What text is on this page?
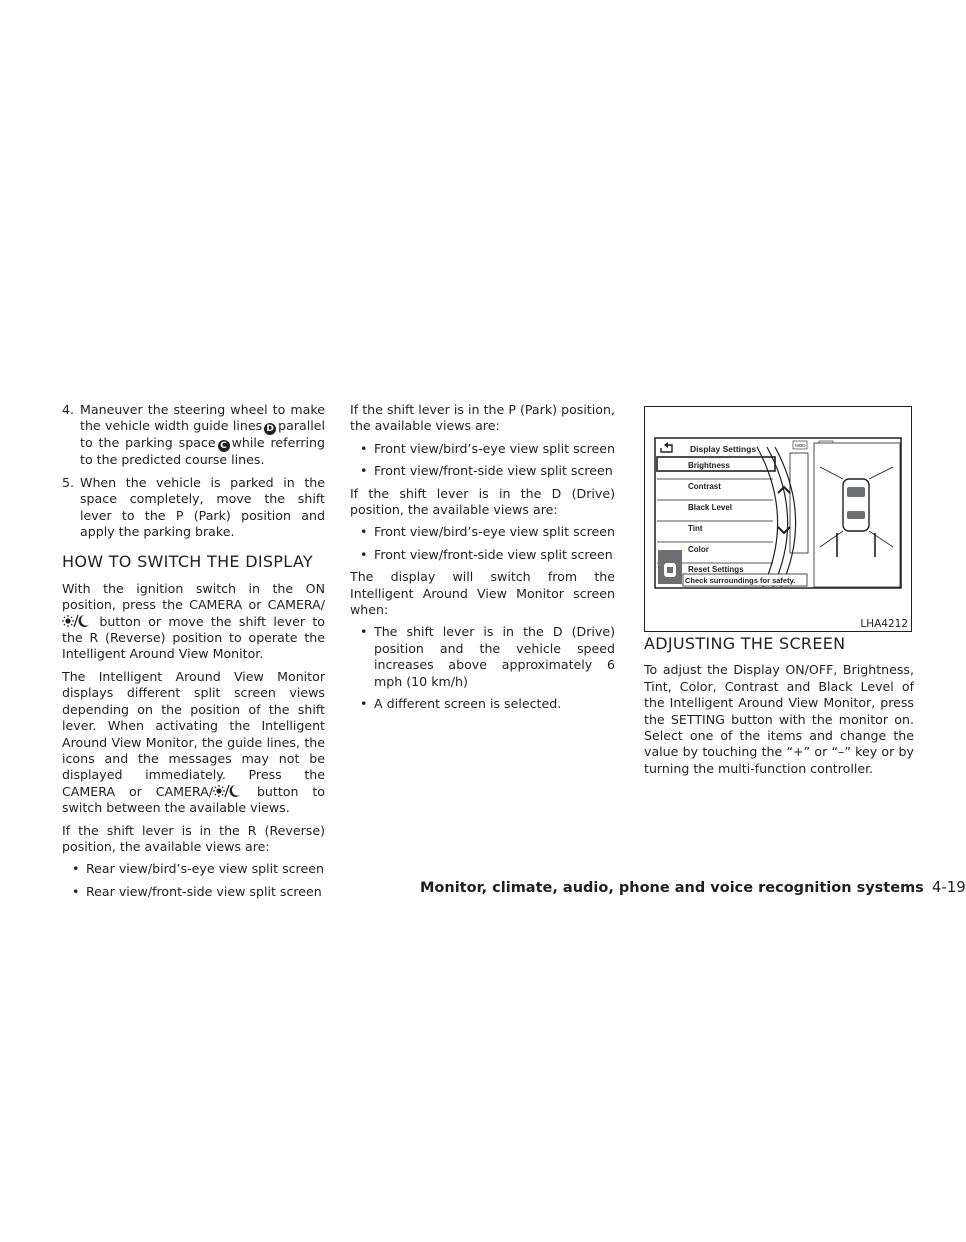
4. Maneuver the steering wheel to make the vehicle width guide lines D parallel to the parking space C while referring to the predicted course lines.
5. When the vehicle is parked in the space completely, move the shift lever to the P (Park) position and apply the parking brake.
HOW TO SWITCH THE DISPLAY

With the ignition switch in the ON position, press the CAMERA or CAMERA/ button or move the shift lever to the R (Reverse) position to operate the Intelligent Around View Monitor.

The Intelligent Around View Monitor displays different split screen views depending on the position of the shift lever. When activating the Intelligent Around View Monitor, the guide lines, the icons and the messages may not be displayed immediately. Press the CAMERA or CAMERA/	button to switch between the available views.

If the shift lever is in the R (Reverse) position, the available views are:

• Rear view/bird’s-eye view split screen
• Rear view/front-side view split screen

If the shift lever is in the P (Park) position, the available views are:

• Front view/bird’s-eye view split screen
• Front view/front-side view split screen

If the shift lever is in the D (Drive) position, the available views are:

• Front view/bird’s-eye view split screen
• Front view/front-side view split screen

The display will switch from the Intelligent Around View Monitor screen when:

• The shift lever is in the D (Drive) position and the vehicle speed increases above approximately 6 mph (10 km/h)
• A different screen is selected.
Display Settings
Brightness
Contrast
Black Level
Tint
Color
Reset Settings
Check surroundings for safety.
MOD
LHA4212
ADJUSTING THE SCREEN

To adjust the Display ON/OFF, Brightness, Tint, Color, Contrast and Black Level of the Intelligent Around View Monitor, press the SETTING button with the monitor on. Select one of the items and change the value by touching the “+” or “–” key or by turning the multi-function controller.

Monitor, climate, audio, phone and voice recognition systems 4-19
